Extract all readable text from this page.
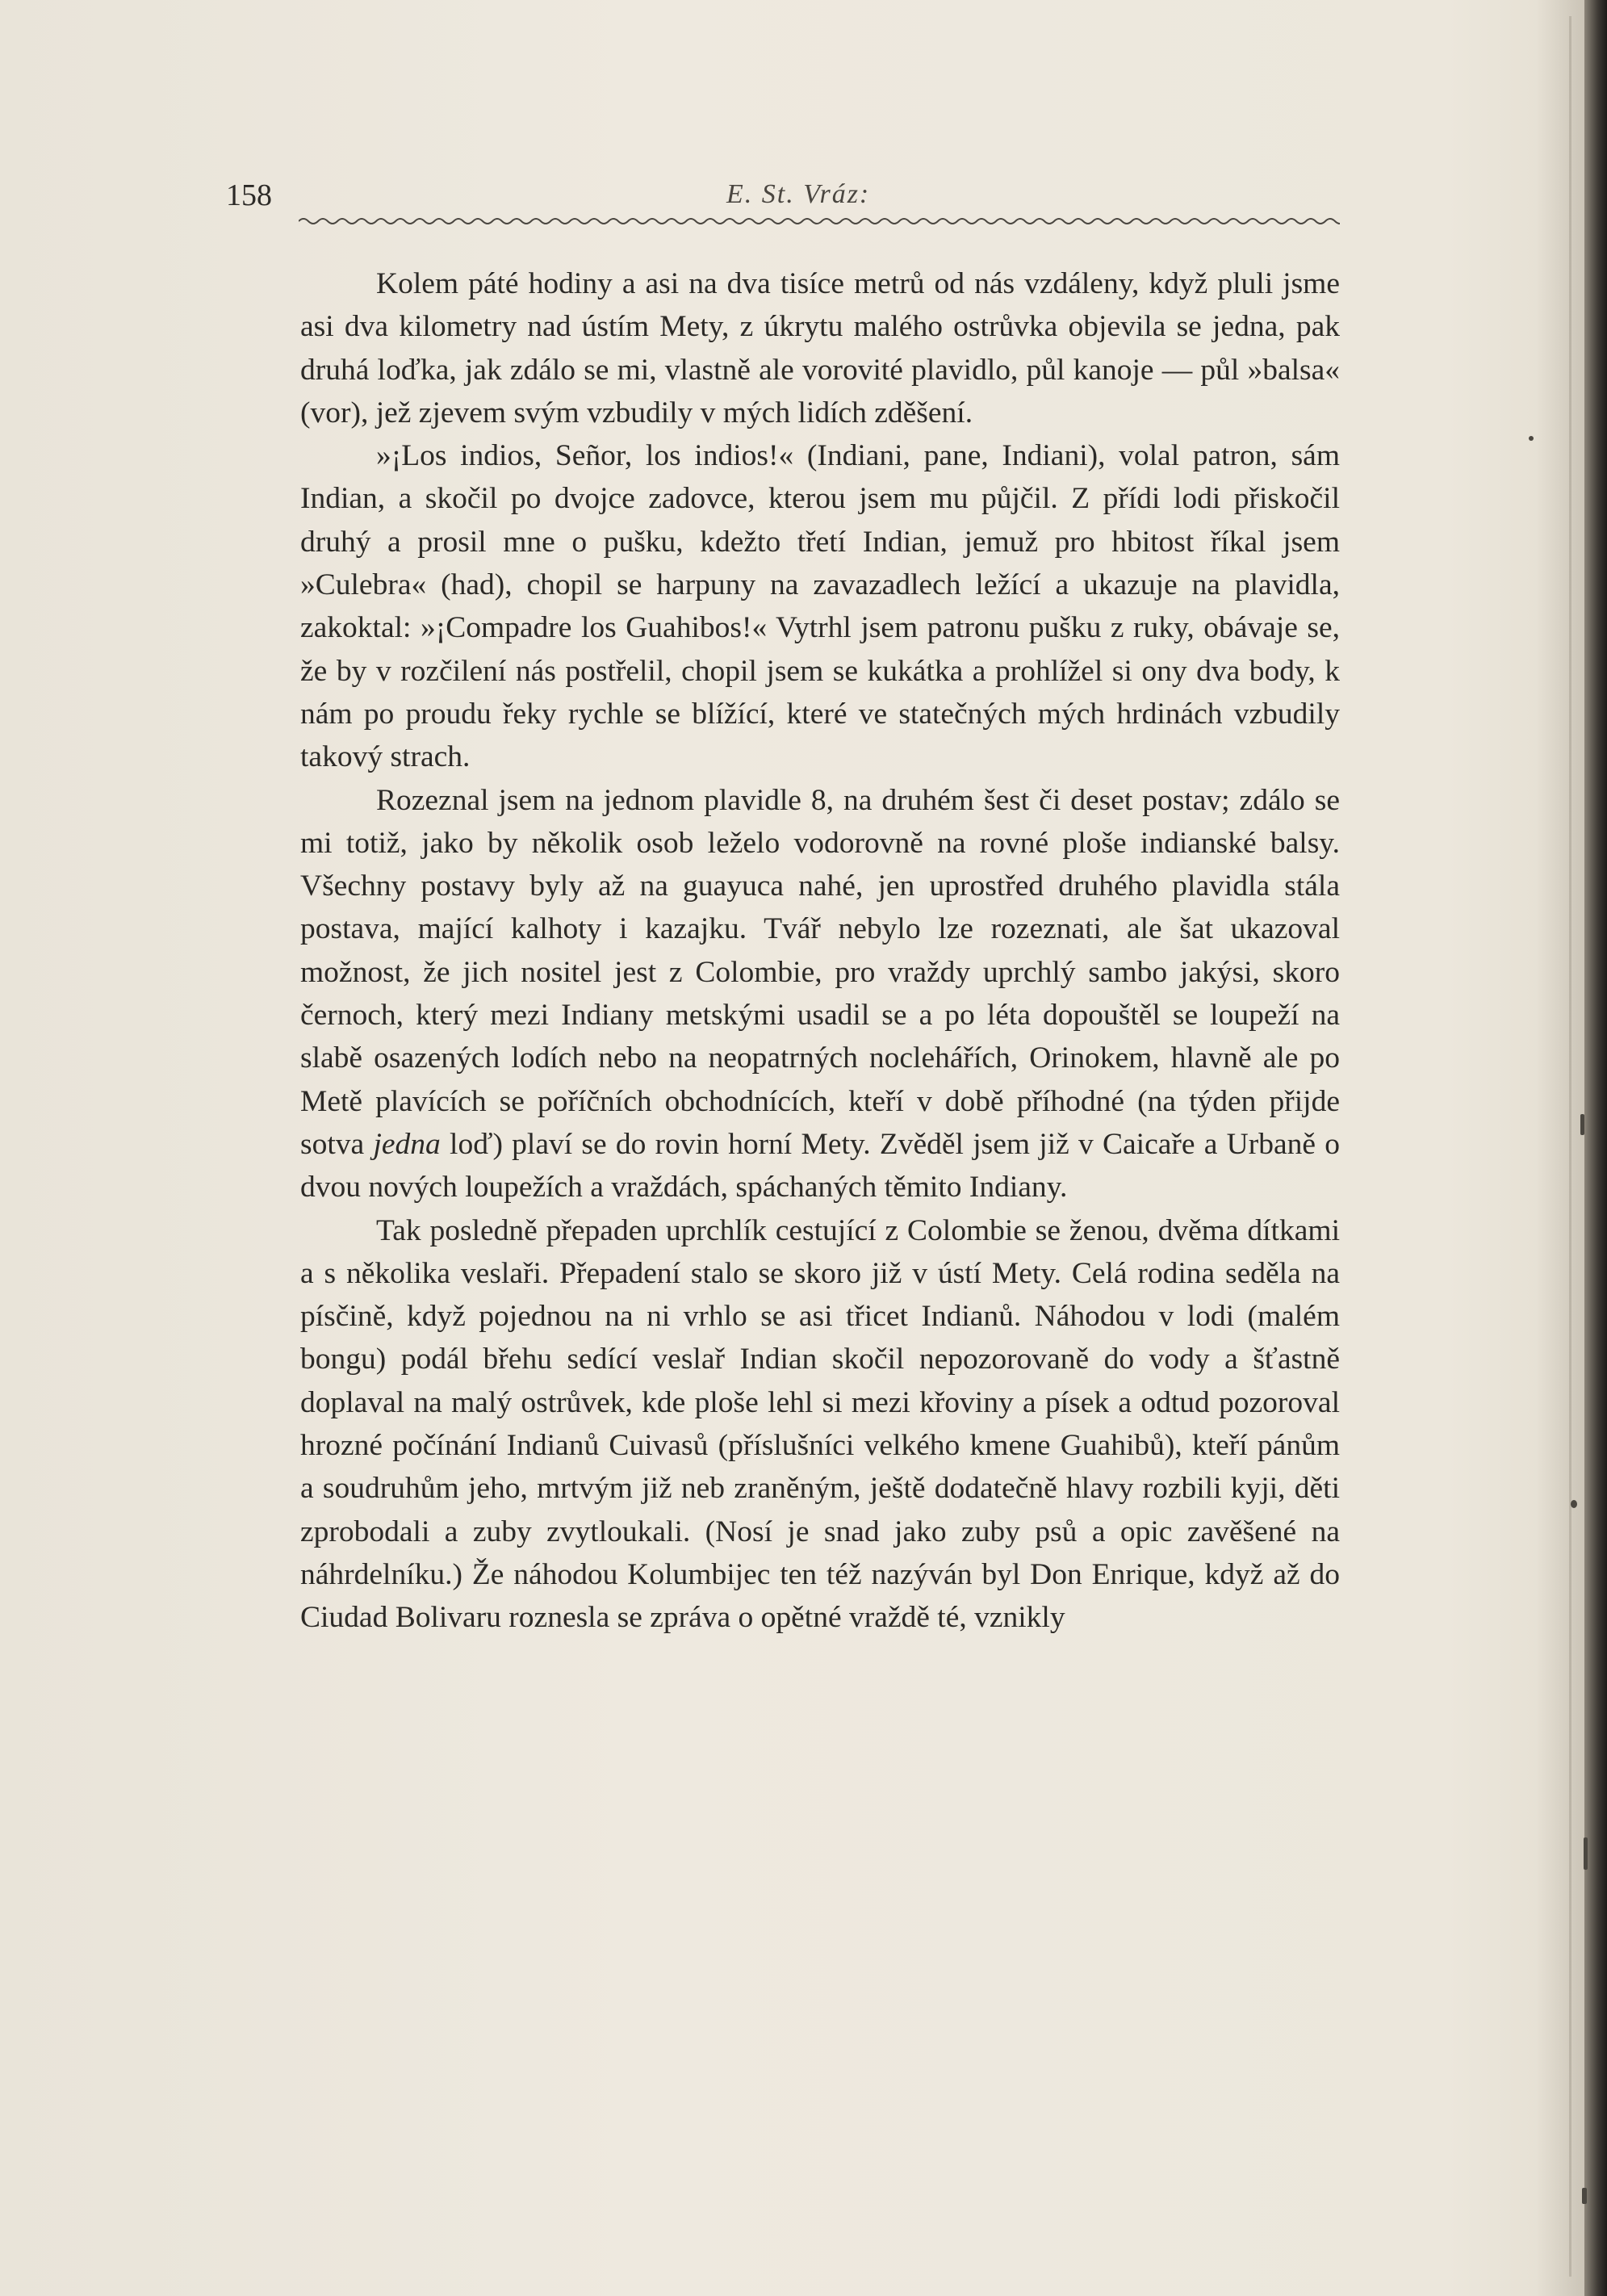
158	E. St. Vráz:

Kolem páté hodiny a asi na dva tisíce metrů od nás vzdáleny, když pluli jsme asi dva kilometry nad ústím Mety, z úkrytu malého ostrůvka objevila se jedna, pak druhá loďka, jak zdálo se mi, vlastně ale vorovité plavidlo, půl kanoje — půl »balsa« (vor), jež zjevem svým vzbudily v mých lidích zděšení.

»¡Los indios, Señor, los indios!« (Indiani, pane, Indiani), volal patron, sám Indian, a skočil po dvojce zadovce, kterou jsem mu půjčil. Z přídi lodi přiskočil druhý a prosil mne o pušku, kdežto třetí Indian, jemuž pro hbitost říkal jsem »Culebra« (had), chopil se harpuny na zavazadlech ležící a ukazuje na plavidla, zakoktal: »¡Compadre los Guahibos!« Vytrhl jsem patronu pušku z ruky, obávaje se, že by v rozčilení nás postřelil, chopil jsem se kukátka a prohlížel si ony dva body, k nám po proudu řeky rychle se blížící, které ve statečných mých hrdinách vzbudily takový strach.

Rozeznal jsem na jednom plavidle 8, na druhém šest či deset postav; zdálo se mi totiž, jako by několik osob leželo vodorovně na rovné ploše indianské balsy. Všechny postavy byly až na guayuca nahé, jen uprostřed druhého plavidla stála postava, mající kalhoty i kazajku. Tvář nebylo lze rozeznati, ale šat ukazoval možnost, že jich nositel jest z Colombie, pro vraždy uprchlý sambo jakýsi, skoro černoch, který mezi Indiany metskými usadil se a po léta dopouštěl se loupeží na slabě osazených lodích nebo na neopatrných noclehářích, Orinokem, hlavně ale po Metě plavících se poříčních obchodnících, kteří v době příhodné (na týden přijde sotva jedna loď) plaví se do rovin horní Mety. Zvěděl jsem již v Caicaře a Urbaně o dvou nových loupežích a vraždách, spáchaných těmito Indiany.

Tak posledně přepaden uprchlík cestující z Colombie se ženou, dvěma dítkami a s několika veslaři. Přepadení stalo se skoro již v ústí Mety. Celá rodina seděla na písčině, když pojednou na ni vrhlo se asi třicet Indianů. Náhodou v lodi (malém bongu) podál břehu sedící veslař Indian skočil nepozorovaně do vody a šťastně doplaval na malý ostrůvek, kde ploše lehl si mezi křoviny a písek a odtud pozoroval hrozné počínání Indianů Cuivasů (příslušníci velkého kmene Guahibů), kteří pánům a soudruhům jeho, mrtvým již neb zraněným, ještě dodatečně hlavy rozbili kyji, děti zprobodali a zuby zvytloukali. (Nosí je snad jako zuby psů a opic zavěšené na náhrdelníku.) Že náhodou Kolumbijec ten též nazýván byl Don Enrique, když až do Ciudad Bolivaru roznesla se zpráva o opětné vraždě té, vznikly
